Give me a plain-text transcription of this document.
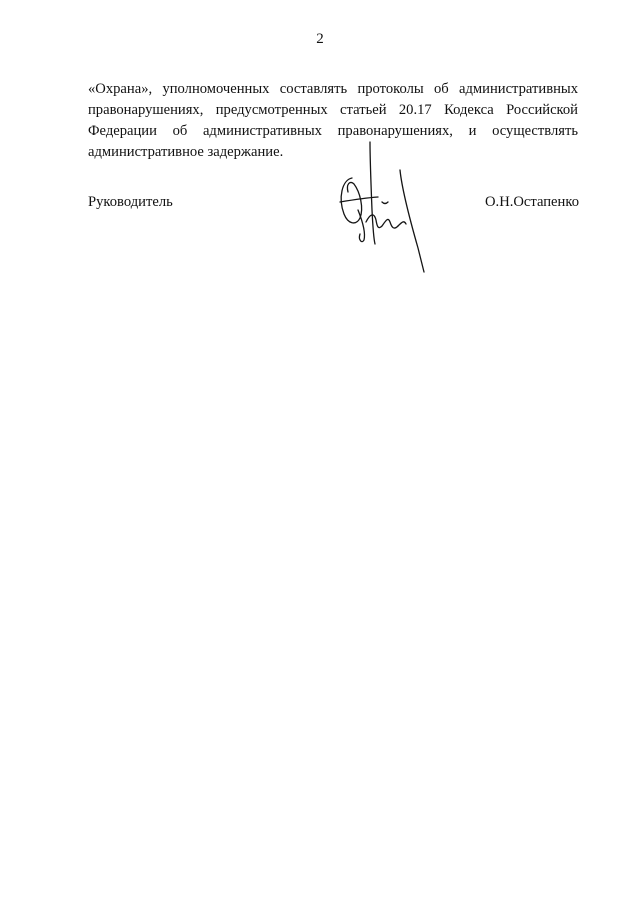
2
«Охрана», уполномоченных составлять протоколы об административных
правонарушениях, предусмотренных статьей 20.17 Кодекса Российской
Федерации об административных правонарушениях, и осуществлять
административное задержание.
Руководитель	О.Н.Остапенко
